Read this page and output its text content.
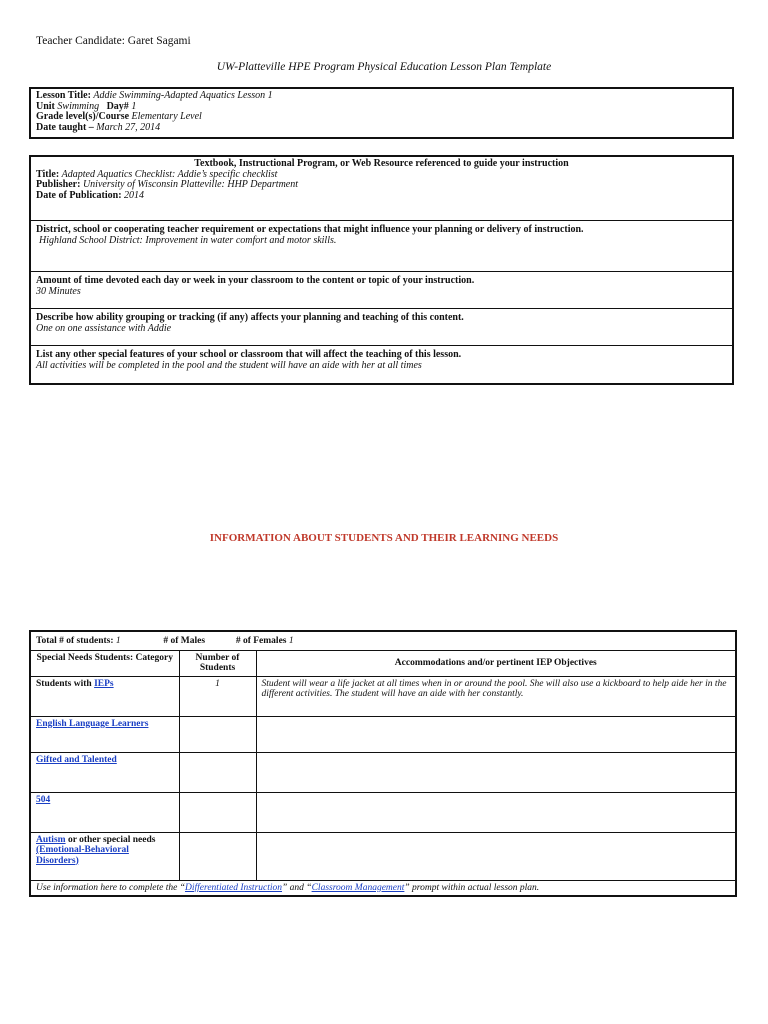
Teacher Candidate: Garet Sagami
UW-Platteville HPE Program Physical Education Lesson Plan Template
Lesson Title: Addie Swimming-Adapted Aquatics Lesson 1
Unit Swimming Day# 1
Grade level(s)/Course Elementary Level
Date taught – March 27, 2014
Textbook, Instructional Program, or Web Resource referenced to guide your instruction
Title: Adapted Aquatics Checklist: Addie’s specific checklist
Publisher: University of Wisconsin Platteville: HHP Department
Date of Publication: 2014
District, school or cooperating teacher requirement or expectations that might influence your planning or delivery of instruction.
Highland School District: Improvement in water comfort and motor skills.
Amount of time devoted each day or week in your classroom to the content or topic of your instruction.
30 Minutes
Describe how ability grouping or tracking (if any) affects your planning and teaching of this content.
One on one assistance with Addie
List any other special features of your school or classroom that will affect the teaching of this lesson.
All activities will be completed in the pool and the student will have an aide with her at all times
INFORMATION ABOUT STUDENTS AND THEIR LEARNING NEEDS
Total # of students: 1 # of Males # of Females 1		
Special Needs Students: Category	Number of Students	Accommodations and/or pertinent IEP Objectives
Students with IEPs	1	Student will wear a life jacket at all times when in or around the pool. She will also use a kickboard to help aide her in the different activities. The student will have an aide with her constantly.
English Language Learners		
Gifted and Talented		
504		
Autism or other special needs (Emotional-Behavioral Disorders)		
Use information here to complete the “Differentiated Instruction” and “Classroom Management” prompt within actual lesson plan.		
